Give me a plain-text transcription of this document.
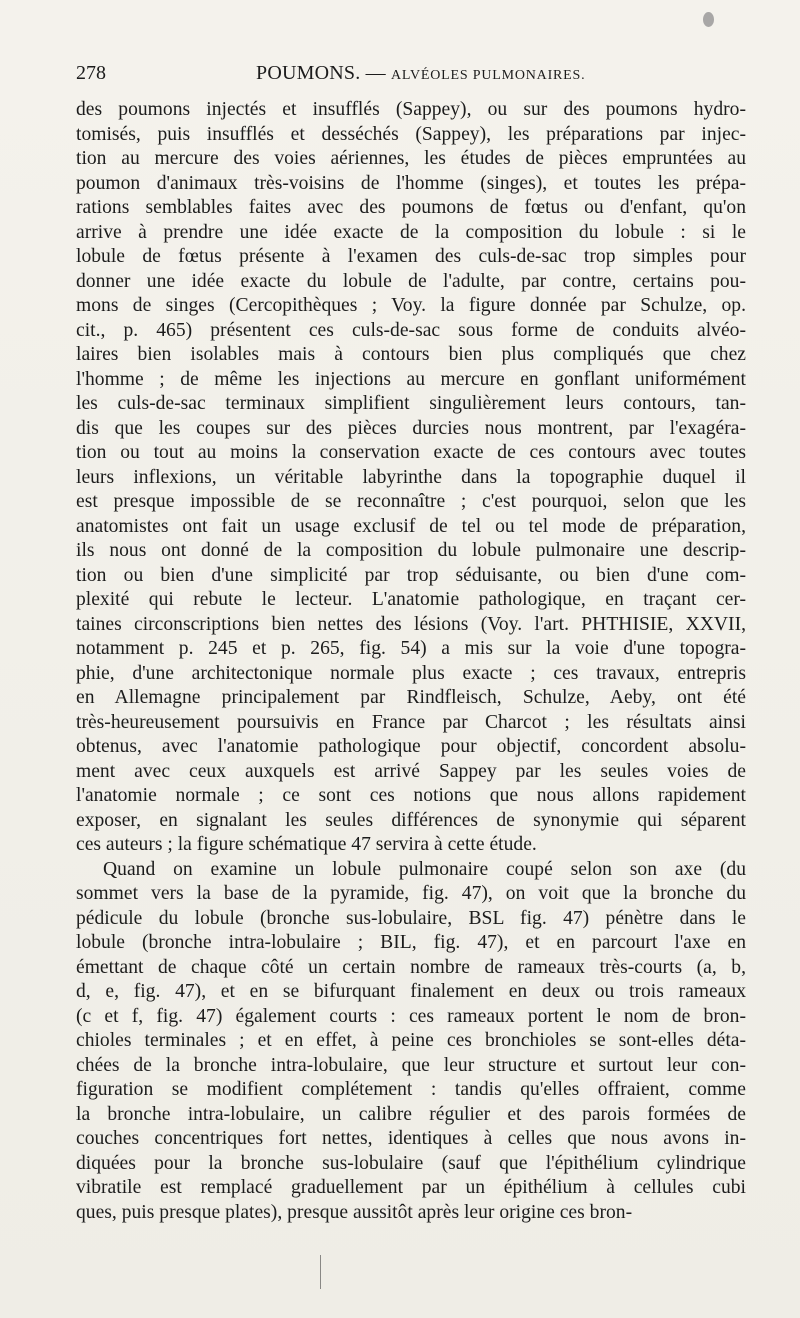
278	POUMONS. — ALVÉOLES PULMONAIRES.
des poumons injectés et insufflés (Sappey), ou sur des poumons hydro-
tomisés, puis insufflés et desséchés (Sappey), les préparations par injec-
tion au mercure des voies aériennes, les études de pièces empruntées au
poumon d'animaux très-voisins de l'homme (singes), et toutes les prépa-
rations semblables faites avec des poumons de fœtus ou d'enfant, qu'on
arrive à prendre une idée exacte de la composition du lobule : si le
lobule de fœtus présente à l'examen des culs-de-sac trop simples pour
donner une idée exacte du lobule de l'adulte, par contre, certains pou-
mons de singes (Cercopithèques ; Voy. la figure donnée par Schulze, op.
cit., p. 465) présentent ces culs-de-sac sous forme de conduits alvéo-
laires bien isolables mais à contours bien plus compliqués que chez
l'homme ; de même les injections au mercure en gonflant uniformément
les culs-de-sac terminaux simplifient singulièrement leurs contours, tan-
dis que les coupes sur des pièces durcies nous montrent, par l'exagéra-
tion ou tout au moins la conservation exacte de ces contours avec toutes
leurs inflexions, un véritable labyrinthe dans la topographie duquel il
est presque impossible de se reconnaître ; c'est pourquoi, selon que les
anatomistes ont fait un usage exclusif de tel ou tel mode de préparation,
ils nous ont donné de la composition du lobule pulmonaire une descrip-
tion ou bien d'une simplicité par trop séduisante, ou bien d'une com-
plexité qui rebute le lecteur. L'anatomie pathologique, en traçant cer-
taines circonscriptions bien nettes des lésions (Voy. l'art. PHTHISIE, XXVII,
notamment p. 245 et p. 265, fig. 54) a mis sur la voie d'une topogra-
phie, d'une architectonique normale plus exacte ; ces travaux, entrepris
en Allemagne principalement par Rindfleisch, Schulze, Aeby, ont été
très-heureusement poursuivis en France par Charcot ; les résultats ainsi
obtenus, avec l'anatomie pathologique pour objectif, concordent absolu-
ment avec ceux auxquels est arrivé Sappey par les seules voies de
l'anatomie normale ; ce sont ces notions que nous allons rapidement
exposer, en signalant les seules différences de synonymie qui séparent
ces auteurs ; la figure schématique 47 servira à cette étude.
Quand on examine un lobule pulmonaire coupé selon son axe (du
sommet vers la base de la pyramide, fig. 47), on voit que la bronche du
pédicule du lobule (bronche sus-lobulaire, BSL fig. 47) pénètre dans le
lobule (bronche intra-lobulaire ; BIL, fig. 47), et en parcourt l'axe en
émettant de chaque côté un certain nombre de rameaux très-courts (a, b,
d, e, fig. 47), et en se bifurquant finalement en deux ou trois rameaux
(c et f, fig. 47) également courts : ces rameaux portent le nom de bron-
chioles terminales ; et en effet, à peine ces bronchioles se sont-elles déta-
chées de la bronche intra-lobulaire, que leur structure et surtout leur con-
figuration se modifient complétement : tandis qu'elles offraient, comme
la bronche intra-lobulaire, un calibre régulier et des parois formées de
couches concentriques fort nettes, identiques à celles que nous avons in-
diquées pour la bronche sus-lobulaire (sauf que l'épithélium cylindrique
vibratile est remplacé graduellement par un épithélium à cellules cubi
ques, puis presque plates), presque aussitôt après leur origine ces bron-
